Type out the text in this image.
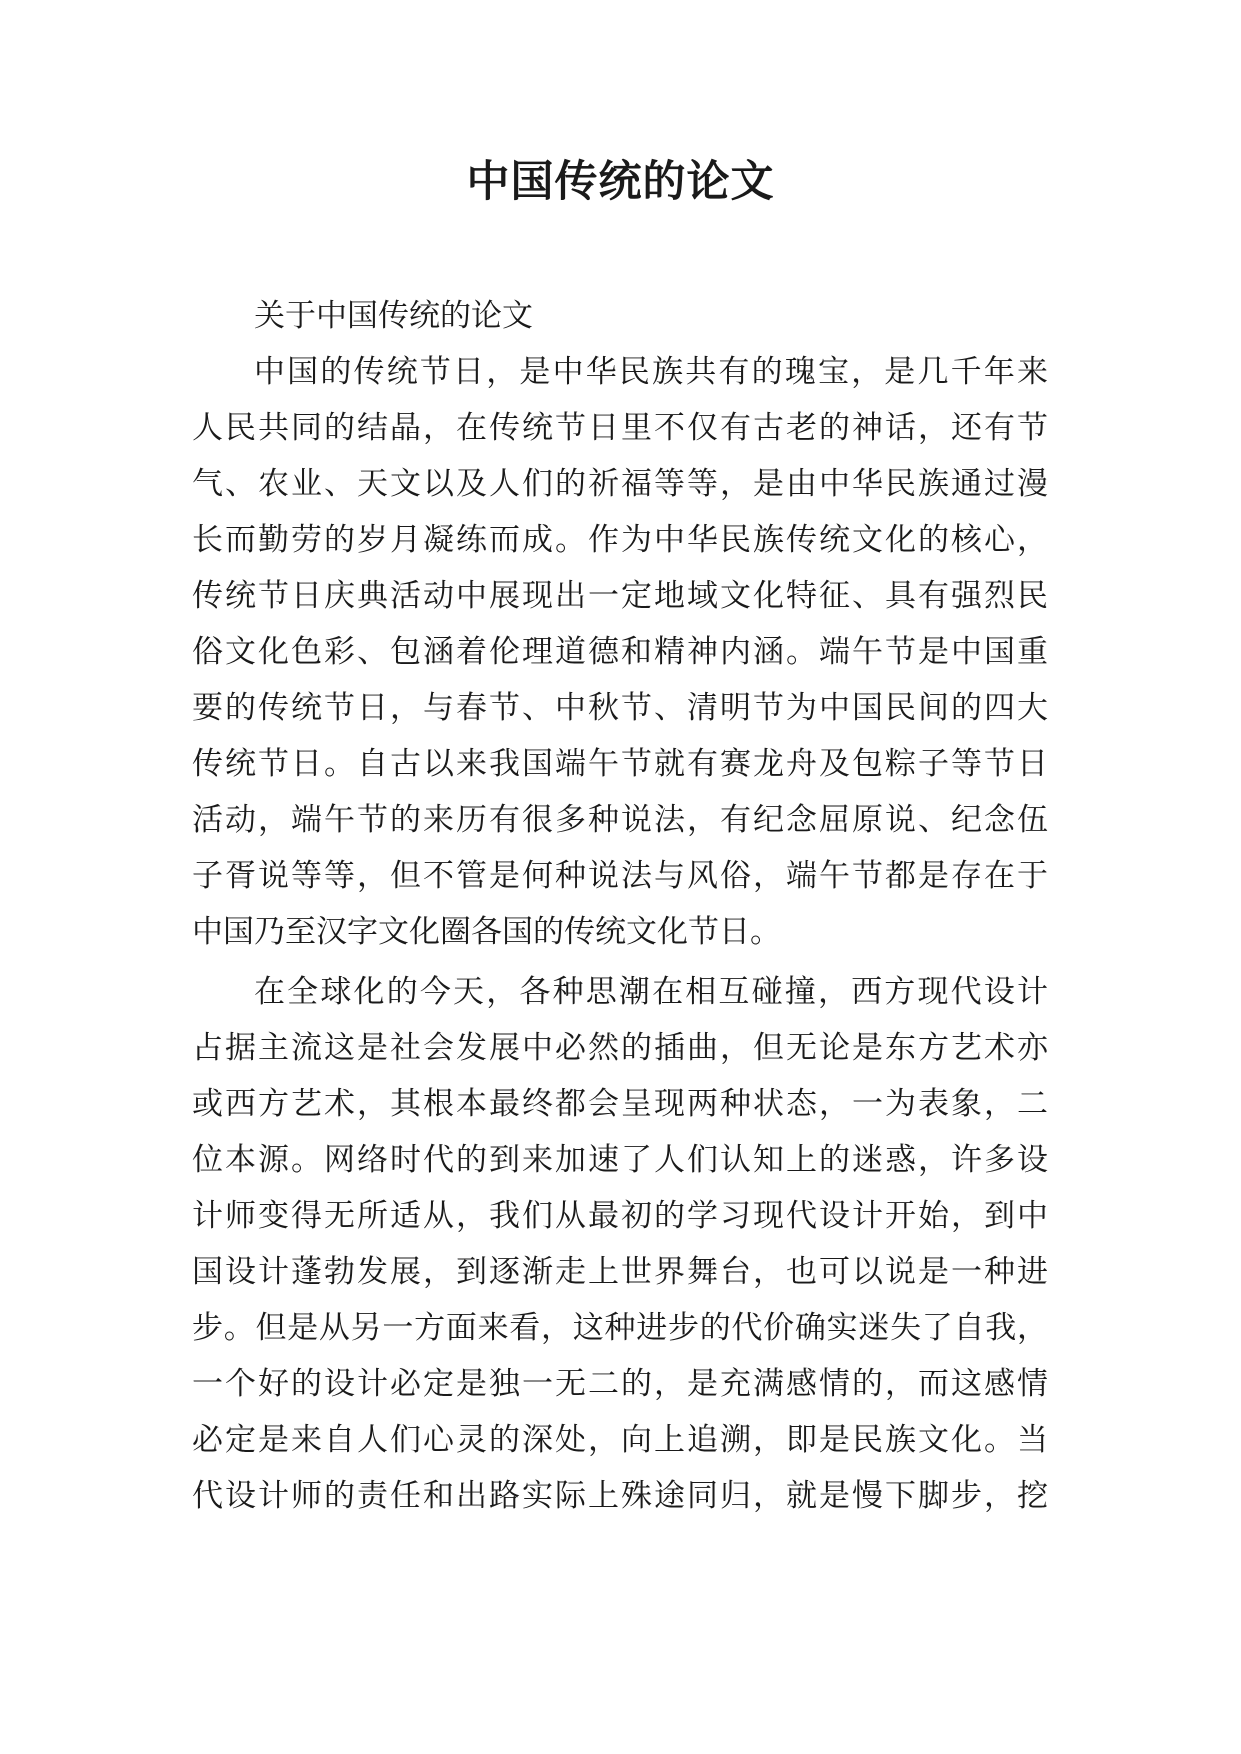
中国传统的论文
关于中国传统的论文
中国的传统节日，是中华民族共有的瑰宝，是几千年来
人民共同的结晶，在传统节日里不仅有古老的神话，还有节
气、农业、天文以及人们的祈福等等，是由中华民族通过漫
长而勤劳的岁月凝练而成。作为中华民族传统文化的核心，
传统节日庆典活动中展现出一定地域文化特征、具有强烈民
俗文化色彩、包涵着伦理道德和精神内涵。端午节是中国重
要的传统节日，与春节、中秋节、清明节为中国民间的四大
传统节日。自古以来我国端午节就有赛龙舟及包粽子等节日
活动，端午节的来历有很多种说法，有纪念屈原说、纪念伍
子胥说等等，但不管是何种说法与风俗，端午节都是存在于
中国乃至汉字文化圈各国的传统文化节日。
在全球化的今天，各种思潮在相互碰撞，西方现代设计
占据主流这是社会发展中必然的插曲，但无论是东方艺术亦
或西方艺术，其根本最终都会呈现两种状态，一为表象，二
位本源。网络时代的到来加速了人们认知上的迷惑，许多设
计师变得无所适从，我们从最初的学习现代设计开始，到中
国设计蓬勃发展，到逐渐走上世界舞台，也可以说是一种进
步。但是从另一方面来看，这种进步的代价确实迷失了自我，
一个好的设计必定是独一无二的，是充满感情的，而这感情
必定是来自人们心灵的深处，向上追溯，即是民族文化。当
代设计师的责任和出路实际上殊途同归，就是慢下脚步，挖
